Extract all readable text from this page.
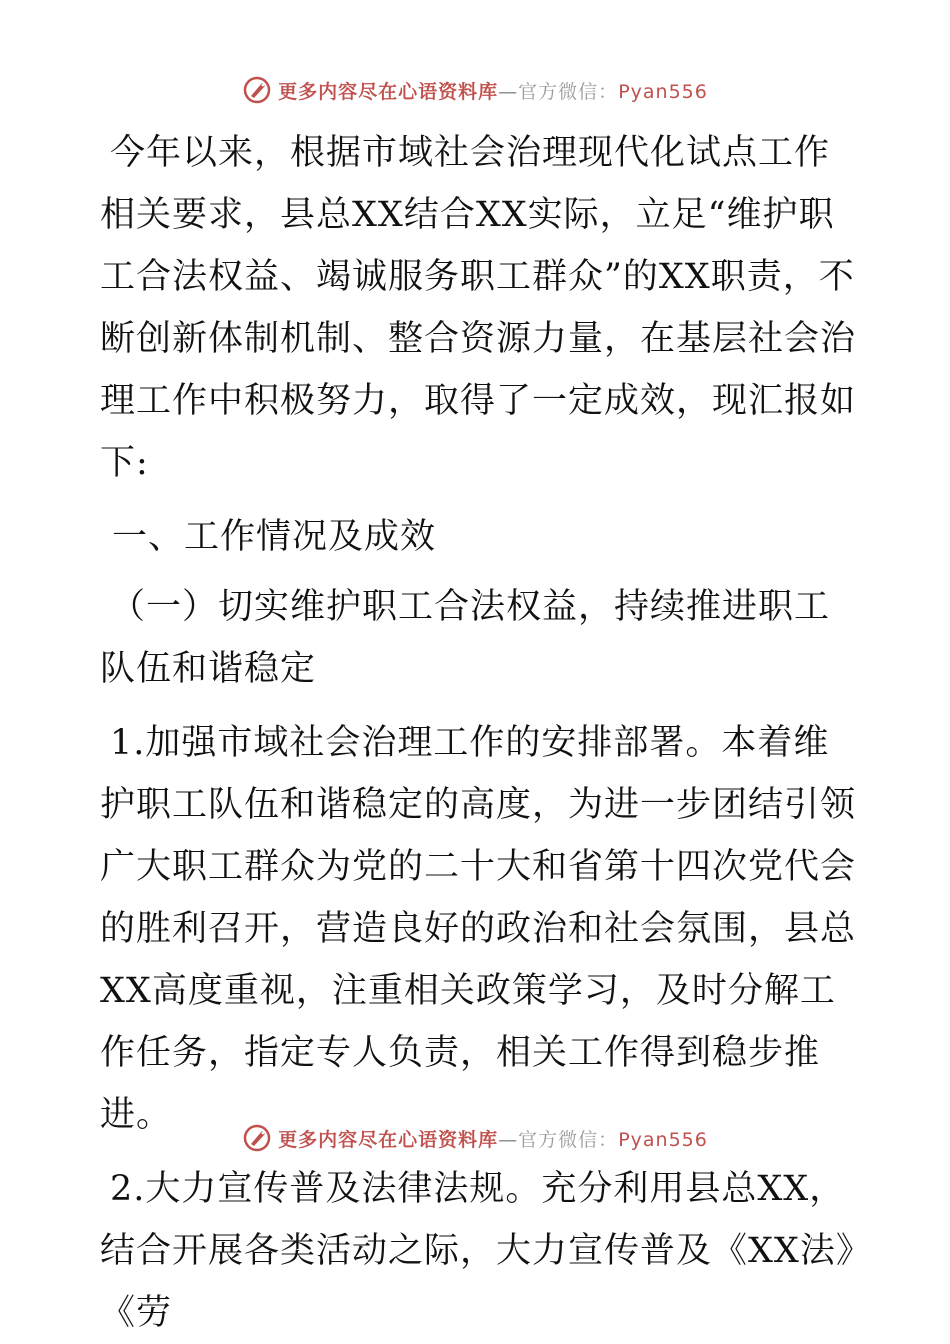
更多内容尽在心语资料库—官方微信：Pyan556

今年以来，根据市域社会治理现代化试点工作相关要求，县总XX结合XX实际，立足“维护职工合法权益、竭诚服务职工群众”的XX职责，不断创新体制机制、整合资源力量，在基层社会治理工作中积极努力，取得了一定成效，现汇报如下:

一、工作情况及成效

（一）切实维护职工合法权益，持续推进职工队伍和谐稳定

1.加强市域社会治理工作的安排部署。本着维护职工队伍和谐稳定的高度，为进一步团结引领广大职工群众为党的二十大和省第十四次党代会的胜利召开，营造良好的政治和社会氛围，县总XX高度重视，注重相关政策学习，及时分解工作任务，指定专人负责，相关工作得到稳步推进。

2.大力宣传普及法律法规。充分利用县总XX，结合开展各类活动之际，大力宣传普及《XX法》《劳

更多内容尽在心语资料库—官方微信：Pyan556
